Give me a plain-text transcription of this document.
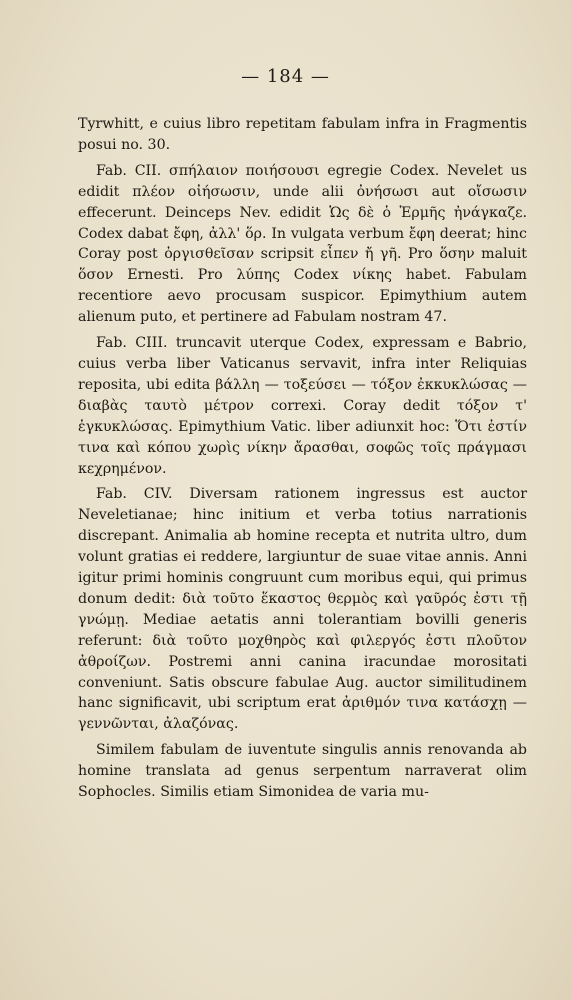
— 184 —

Tyrwhitt, e cuius libro repetitam fabulam infra in Fragmentis posui no. 30.

Fab. CII. σπήλαιον ποιήσουσι egregie Codex. Nevelet us edidit πλέον οἰήσωσιν, unde alii ὀνήσωσι aut οἴσωσιν effecerunt. Deinceps Nev. edidit Ὡς δὲ ὁ Ἑρμῆς ἠνάγκαζε. Codex dabat ἔφη, ἀλλ' ὅρ. In vulgata verbum ἔφη deerat; hinc Coray post ὀργισθεῖσαν scripsit εἶπεν ἤ γῆ. Pro ὅσην maluit ὅσον Ernesti. Pro λύπης Codex νίκης habet. Fabulam recentiore aevo procusam suspicor. Epimythium autem alienum puto, et pertinere ad Fabulam nostram 47.

Fab. CIII. truncavit uterque Codex, expressam e Babrio, cuius verba liber Vaticanus servavit, infra inter Reliquias reposita, ubi edita βάλλη — τοξεύσει — τόξον ἐκκυκλώσας — διαβὰς ταυτὸ μέτρον correxi. Coray dedit τόξον τ' ἐγκυκλώσας. Epimythium Vatic. liber adiunxit hoc: Ὅτι ἐστίν τινα καὶ κόπου χωρὶς νίκην ἄρασθαι, σοφῶς τοῖς πράγμασι κεχρημένον.

Fab. CIV. Diversam rationem ingressus est auctor Neveletianae; hinc initium et verba totius narrationis discrepant. Animalia ab homine recepta et nutrita ultro, dum volunt gratias ei reddere, largiuntur de suae vitae annis. Anni igitur primi hominis congruunt cum moribus equi, qui primus donum dedit: διὰ τοῦτο ἕκαστος θερμὸς καὶ γαῦρός ἐστι τῇ γνώμῃ. Mediae aetatis anni tolerantiam bovilli generis referunt: διὰ τοῦτο μοχθηρὸς καὶ φιλεργός ἐστι πλοῦτον ἀθροίζων. Postremi anni canina iracundae morositati conveniunt. Satis obscure fabulae Aug. auctor similitudinem hanc significavit, ubi scriptum erat ἀριθμόν τινα κατάσχῃ — γεννῶνται, ἀλαζόνας.

Similem fabulam de iuventute singulis annis renovanda ab homine translata ad genus serpentum narraverat olim Sophocles. Similis etiam Simonidea de varia mu-
